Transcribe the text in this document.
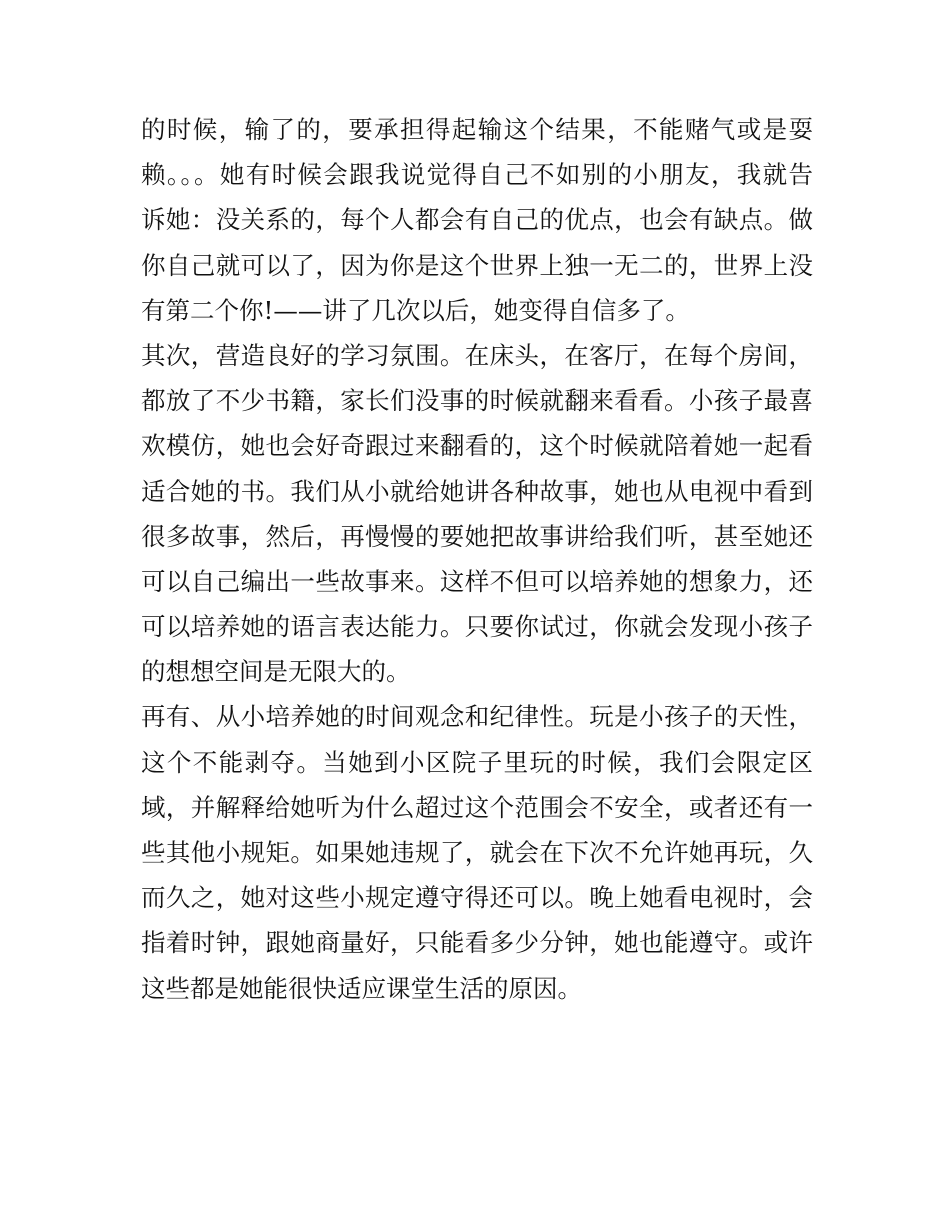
的时候，输了的，要承担得起输这个结果，不能赌气或是耍
赖。。。她有时候会跟我说觉得自己不如别的小朋友，我就告
诉她：没关系的，每个人都会有自己的优点，也会有缺点。做
你自己就可以了，因为你是这个世界上独一无二的，世界上没
有第二个你!——讲了几次以后，她变得自信多了。
其次，营造良好的学习氛围。在床头，在客厅，在每个房间，
都放了不少书籍，家长们没事的时候就翻来看看。小孩子最喜
欢模仿，她也会好奇跟过来翻看的，这个时候就陪着她一起看
适合她的书。我们从小就给她讲各种故事，她也从电视中看到
很多故事，然后，再慢慢的要她把故事讲给我们听，甚至她还
可以自己编出一些故事来。这样不但可以培养她的想象力，还
可以培养她的语言表达能力。只要你试过，你就会发现小孩子
的想想空间是无限大的。
再有、从小培养她的时间观念和纪律性。玩是小孩子的天性，
这个不能剥夺。当她到小区院子里玩的时候，我们会限定区
域，并解释给她听为什么超过这个范围会不安全，或者还有一
些其他小规矩。如果她违规了，就会在下次不允许她再玩，久
而久之，她对这些小规定遵守得还可以。晚上她看电视时，会
指着时钟，跟她商量好，只能看多少分钟，她也能遵守。或许
这些都是她能很快适应课堂生活的原因。
